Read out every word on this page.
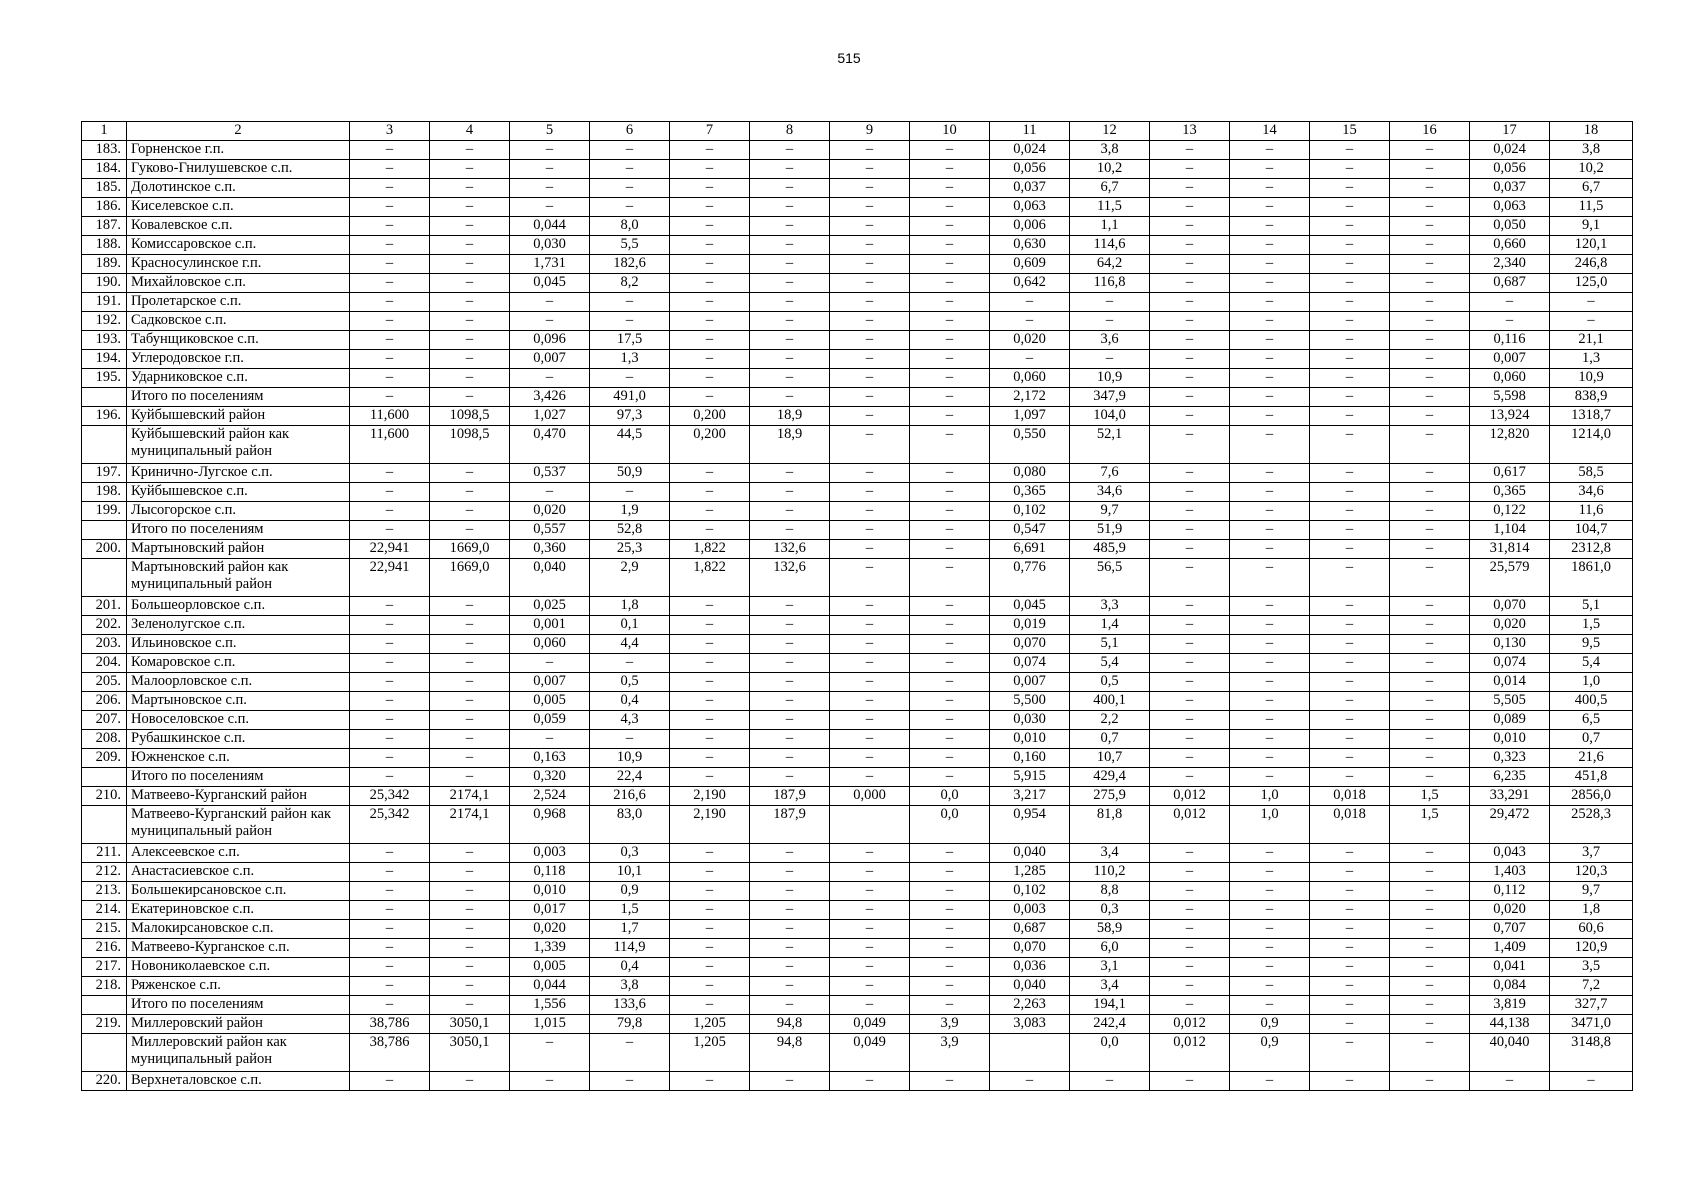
515
1	2	3	4	5	6	7	8	9	10	11	12	13	14	15	16	17	18
183.	Горненское г.п.	–	–	–	–	–	–	–	–	0,024	3,8	–	–	–	–	0,024	3,8
184.	Гуково-Гнилушевское с.п.	–	–	–	–	–	–	–	–	0,056	10,2	–	–	–	–	0,056	10,2
185.	Долотинское с.п.	–	–	–	–	–	–	–	–	0,037	6,7	–	–	–	–	0,037	6,7
186.	Киселевское с.п.	–	–	–	–	–	–	–	–	0,063	11,5	–	–	–	–	0,063	11,5
187.	Ковалевское с.п.	–	–	0,044	8,0	–	–	–	–	0,006	1,1	–	–	–	–	0,050	9,1
188.	Комиссаровское с.п.	–	–	0,030	5,5	–	–	–	–	0,630	114,6	–	–	–	–	0,660	120,1
189.	Красносулинское г.п.	–	–	1,731	182,6	–	–	–	–	0,609	64,2	–	–	–	–	2,340	246,8
190.	Михайловское с.п.	–	–	0,045	8,2	–	–	–	–	0,642	116,8	–	–	–	–	0,687	125,0
191.	Пролетарское с.п.	–	–	–	–	–	–	–	–	–	–	–	–	–	–	–	–
192.	Садковское с.п.	–	–	–	–	–	–	–	–	–	–	–	–	–	–	–	–
193.	Табунщиковское с.п.	–	–	0,096	17,5	–	–	–	–	0,020	3,6	–	–	–	–	0,116	21,1
194.	Углеродовское г.п.	–	–	0,007	1,3	–	–	–	–	–	–	–	–	–	–	0,007	1,3
195.	Ударниковское с.п.	–	–	–	–	–	–	–	–	0,060	10,9	–	–	–	–	0,060	10,9
	Итого по поселениям	–	–	3,426	491,0	–	–	–	–	2,172	347,9	–	–	–	–	5,598	838,9
196.	Куйбышевский район	11,600	1098,5	1,027	97,3	0,200	18,9	–	–	1,097	104,0	–	–	–	–	13,924	1318,7
	Куйбышевский район как муниципальный район	11,600	1098,5	0,470	44,5	0,200	18,9	–	–	0,550	52,1	–	–	–	–	12,820	1214,0
197.	Кринично-Лугское с.п.	–	–	0,537	50,9	–	–	–	–	0,080	7,6	–	–	–	–	0,617	58,5
198.	Куйбышевское с.п.	–	–	–	–	–	–	–	–	0,365	34,6	–	–	–	–	0,365	34,6
199.	Лысогорское с.п.	–	–	0,020	1,9	–	–	–	–	0,102	9,7	–	–	–	–	0,122	11,6
	Итого по поселениям	–	–	0,557	52,8	–	–	–	–	0,547	51,9	–	–	–	–	1,104	104,7
200.	Мартыновский район	22,941	1669,0	0,360	25,3	1,822	132,6	–	–	6,691	485,9	–	–	–	–	31,814	2312,8
	Мартыновский район как муниципальный район	22,941	1669,0	0,040	2,9	1,822	132,6	–	–	0,776	56,5	–	–	–	–	25,579	1861,0
201.	Большеорловское с.п.	–	–	0,025	1,8	–	–	–	–	0,045	3,3	–	–	–	–	0,070	5,1
202.	Зеленолугское с.п.	–	–	0,001	0,1	–	–	–	–	0,019	1,4	–	–	–	–	0,020	1,5
203.	Ильиновское с.п.	–	–	0,060	4,4	–	–	–	–	0,070	5,1	–	–	–	–	0,130	9,5
204.	Комаровское с.п.	–	–	–	–	–	–	–	–	0,074	5,4	–	–	–	–	0,074	5,4
205.	Малоорловское с.п.	–	–	0,007	0,5	–	–	–	–	0,007	0,5	–	–	–	–	0,014	1,0
206.	Мартыновское с.п.	–	–	0,005	0,4	–	–	–	–	5,500	400,1	–	–	–	–	5,505	400,5
207.	Новоселовское с.п.	–	–	0,059	4,3	–	–	–	–	0,030	2,2	–	–	–	–	0,089	6,5
208.	Рубашкинское с.п.	–	–	–	–	–	–	–	–	0,010	0,7	–	–	–	–	0,010	0,7
209.	Южненское с.п.	–	–	0,163	10,9	–	–	–	–	0,160	10,7	–	–	–	–	0,323	21,6
	Итого по поселениям	–	–	0,320	22,4	–	–	–	–	5,915	429,4	–	–	–	–	6,235	451,8
210.	Матвеево-Курганский район	25,342	2174,1	2,524	216,6	2,190	187,9	0,000	0,0	3,217	275,9	0,012	1,0	0,018	1,5	33,291	2856,0
	Матвеево-Курганский район как муниципальный район	25,342	2174,1	0,968	83,0	2,190	187,9		0,0	0,954	81,8	0,012	1,0	0,018	1,5	29,472	2528,3
211.	Алексеевское с.п.	–	–	0,003	0,3	–	–	–	–	0,040	3,4	–	–	–	–	0,043	3,7
212.	Анастасиевское с.п.	–	–	0,118	10,1	–	–	–	–	1,285	110,2	–	–	–	–	1,403	120,3
213.	Большекирсановское с.п.	–	–	0,010	0,9	–	–	–	–	0,102	8,8	–	–	–	–	0,112	9,7
214.	Екатериновское с.п.	–	–	0,017	1,5	–	–	–	–	0,003	0,3	–	–	–	–	0,020	1,8
215.	Малокирсановское с.п.	–	–	0,020	1,7	–	–	–	–	0,687	58,9	–	–	–	–	0,707	60,6
216.	Матвеево-Курганское с.п.	–	–	1,339	114,9	–	–	–	–	0,070	6,0	–	–	–	–	1,409	120,9
217.	Новониколаевское с.п.	–	–	0,005	0,4	–	–	–	–	0,036	3,1	–	–	–	–	0,041	3,5
218.	Ряженское с.п.	–	–	0,044	3,8	–	–	–	–	0,040	3,4	–	–	–	–	0,084	7,2
	Итого по поселениям	–	–	1,556	133,6	–	–	–	–	2,263	194,1	–	–	–	–	3,819	327,7
219.	Миллеровский район	38,786	3050,1	1,015	79,8	1,205	94,8	0,049	3,9	3,083	242,4	0,012	0,9	–	–	44,138	3471,0
	Миллеровский район как муниципальный район	38,786	3050,1	–	–	1,205	94,8	0,049	3,9		0,0	0,012	0,9	–	–	40,040	3148,8
220.	Верхнеталовское с.п.	–	–	–	–	–	–	–	–	–	–	–	–	–	–	–	–
